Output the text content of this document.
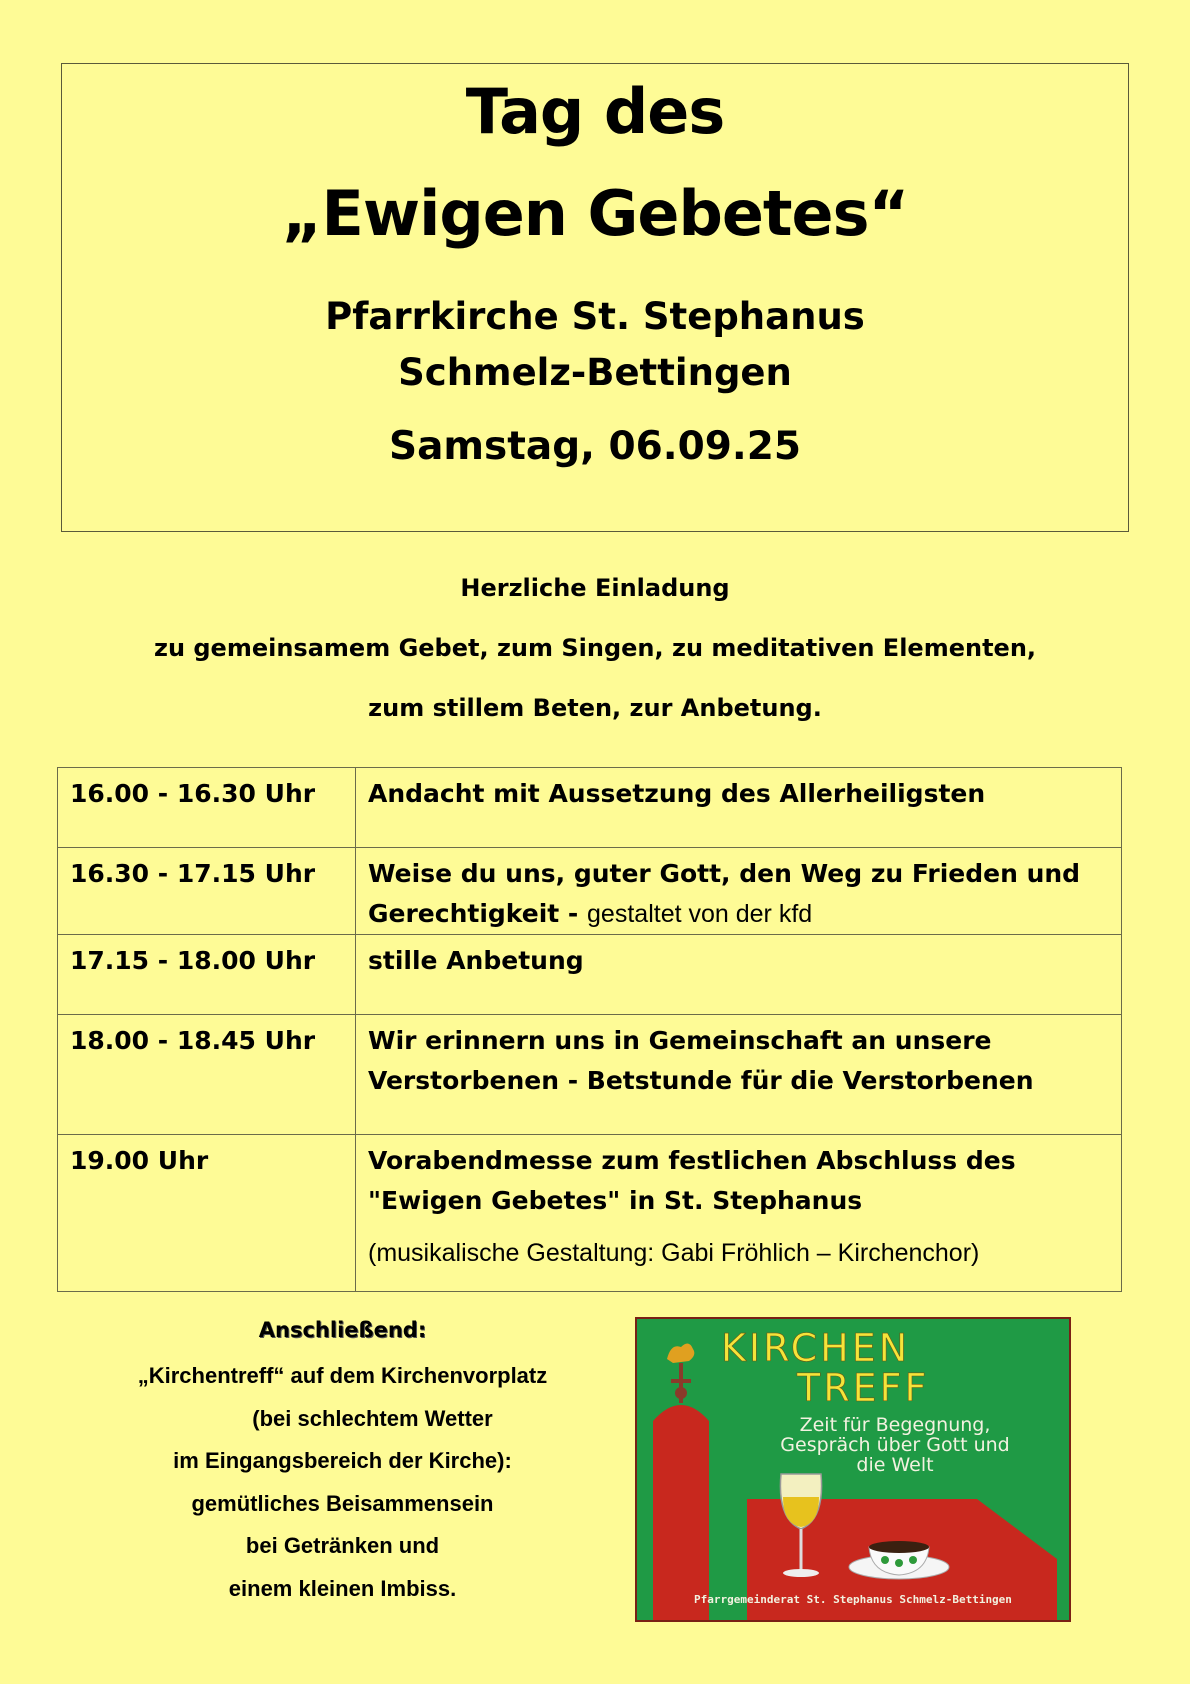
Tag des
„Ewigen Gebetes“
Pfarrkirche St. Stephanus
Schmelz-Bettingen
Samstag, 06.09.25
Herzliche Einladung
zu gemeinsamem Gebet, zum Singen, zu meditativen Elementen,
zum stillem Beten, zur Anbetung.
16.00 - 16.30 Uhr	Andacht mit Aussetzung des Allerheiligsten
16.30 - 17.15 Uhr	Weise du uns, guter Gott, den Weg zu Frieden und Gerechtigkeit - gestaltet von der kfd
17.15 - 18.00 Uhr	stille Anbetung
18.00 - 18.45 Uhr	Wir erinnern uns in Gemeinschaft an unsere Verstorbenen - Betstunde für die Verstorbenen
19.00 Uhr	Vorabendmesse zum festlichen Abschluss des "Ewigen Gebetes" in St. Stephanus
(musikalische Gestaltung: Gabi Fröhlich – Kirchenchor)
Anschließend:
„Kirchentreff“ auf dem Kirchenvorplatz
(bei schlechtem Wetter
im Eingangsbereich der Kirche):
gemütliches Beisammensein
bei Getränken und
einem kleinen Imbiss.
KIRCHEN
TREFF
Zeit für Begegnung,
Gespräch über Gott und
die Welt
Pfarrgemeinderat St. Stephanus Schmelz-Bettingen
